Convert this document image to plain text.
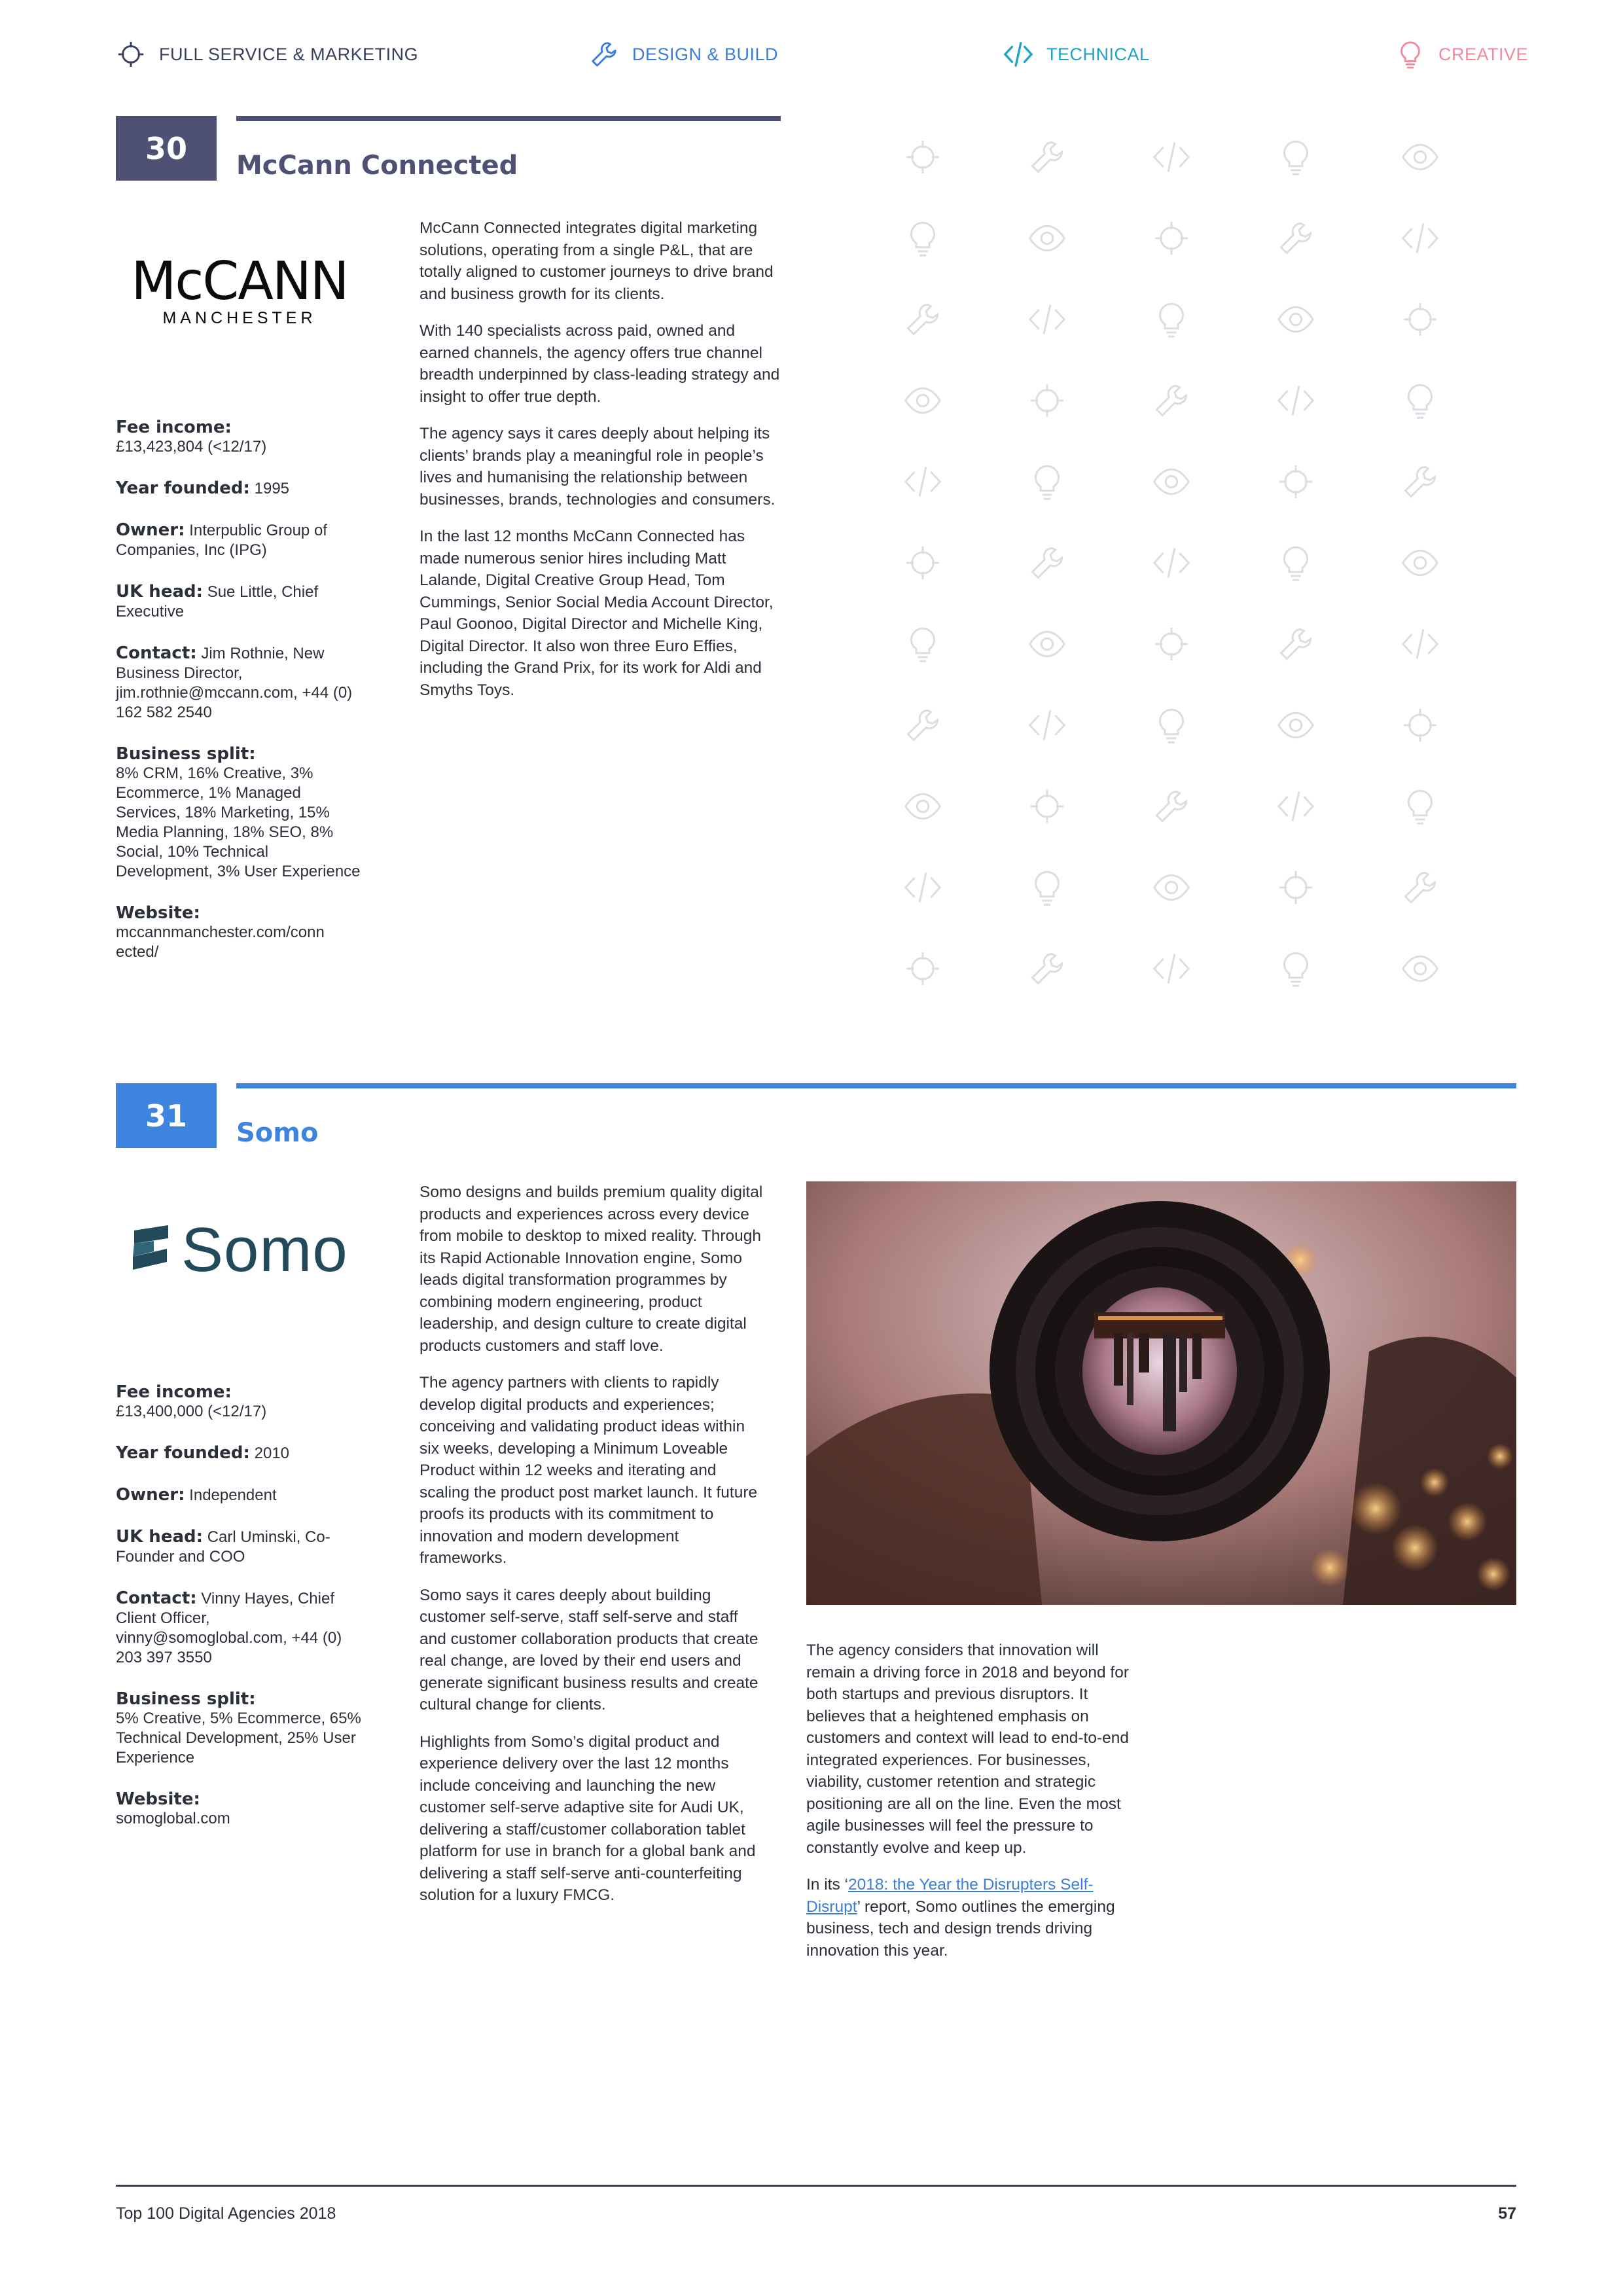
FULL SERVICE & MARKETING	DESIGN & BUILD	TECHNICAL	CREATIVE
30 McCann Connected
McCANN
MANCHESTER
Fee income:
£13,423,804 (<12/17)
Year founded: 1995
Owner: Interpublic Group of Companies, Inc (IPG)
UK head: Sue Little, Chief Executive
Contact: Jim Rothnie, New Business Director, jim.rothnie@mccann.com, +44 (0) 162 582 2540
Business split:
8% CRM, 16% Creative, 3% Ecommerce, 1% Managed Services, 18% Marketing, 15% Media Planning, 18% SEO, 8% Social, 10% Technical Development, 3% User Experience
Website:
mccannmanchester.com/connected/

McCann Connected integrates digital marketing solutions, operating from a single P&L, that are totally aligned to customer journeys to drive brand and business growth for its clients.

With 140 specialists across paid, owned and earned channels, the agency offers true channel breadth underpinned by class-leading strategy and insight to offer true depth.

The agency says it cares deeply about helping its clients’ brands play a meaningful role in people’s lives and humanising the relationship between businesses, brands, technologies and consumers.

In the last 12 months McCann Connected has made numerous senior hires including Matt Lalande, Digital Creative Group Head, Tom Cummings, Senior Social Media Account Director, Paul Goonoo, Digital Director and Michelle King, Digital Director. It also won three Euro Effies, including the Grand Prix, for its work for Aldi and Smyths Toys.

31 Somo
Somo
Fee income:
£13,400,000 (<12/17)
Year founded: 2010
Owner: Independent
UK head: Carl Uminski, Co-Founder and COO
Contact: Vinny Hayes, Chief Client Officer, vinny@somoglobal.com, +44 (0) 203 397 3550
Business split:
5% Creative, 5% Ecommerce, 65% Technical Development, 25% User Experience
Website:
somoglobal.com

Somo designs and builds premium quality digital products and experiences across every device from mobile to desktop to mixed reality. Through its Rapid Actionable Innovation engine, Somo leads digital transformation programmes by combining modern engineering, product leadership, and design culture to create digital products customers and staff love.

The agency partners with clients to rapidly develop digital products and experiences; conceiving and validating product ideas within six weeks, developing a Minimum Loveable Product within 12 weeks and iterating and scaling the product post market launch. It future proofs its products with its commitment to innovation and modern development frameworks.

Somo says it cares deeply about building customer self-serve, staff self-serve and staff and customer collaboration products that create real change, are loved by their end users and generate significant business results and create cultural change for clients.

Highlights from Somo’s digital product and experience delivery over the last 12 months include conceiving and launching the new customer self-serve adaptive site for Audi UK, delivering a staff/customer collaboration tablet platform for use in branch for a global bank and delivering a staff self-serve anti-counterfeiting solution for a luxury FMCG.

The agency considers that innovation will remain a driving force in 2018 and beyond for both startups and previous disruptors. It believes that a heightened emphasis on customers and context will lead to end-to-end integrated experiences. For businesses, viability, customer retention and strategic positioning are all on the line. Even the most agile businesses will feel the pressure to constantly evolve and keep up.

In its ‘2018: the Year the Disrupters Self-Disrupt’ report, Somo outlines the emerging business, tech and design trends driving innovation this year.

Top 100 Digital Agencies 2018	57
